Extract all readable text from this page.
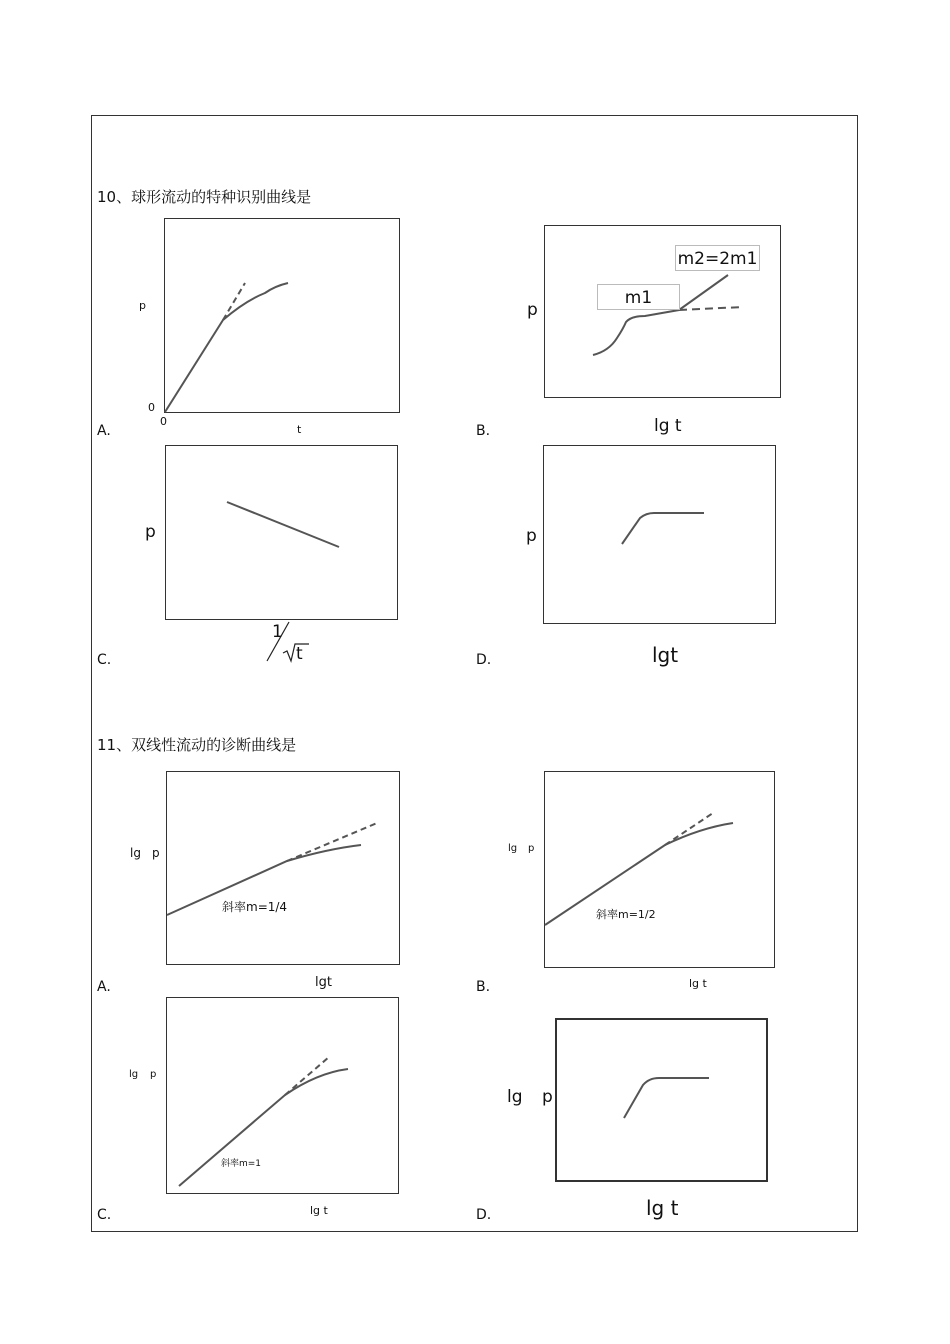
10、球形流动的特种识别曲线是
p
0
0
t
A.
m1
m2=2m1
p
lg t
B.
p
1
t
C.
p
lgt
D.
11、双线性流动的诊断曲线是
斜率m=1/4
lg p
lgt
A.
斜率m=1/2
lg p
lg t
B.
斜率m=1
lg p
lg t
C.
lg p
lg t
D.
